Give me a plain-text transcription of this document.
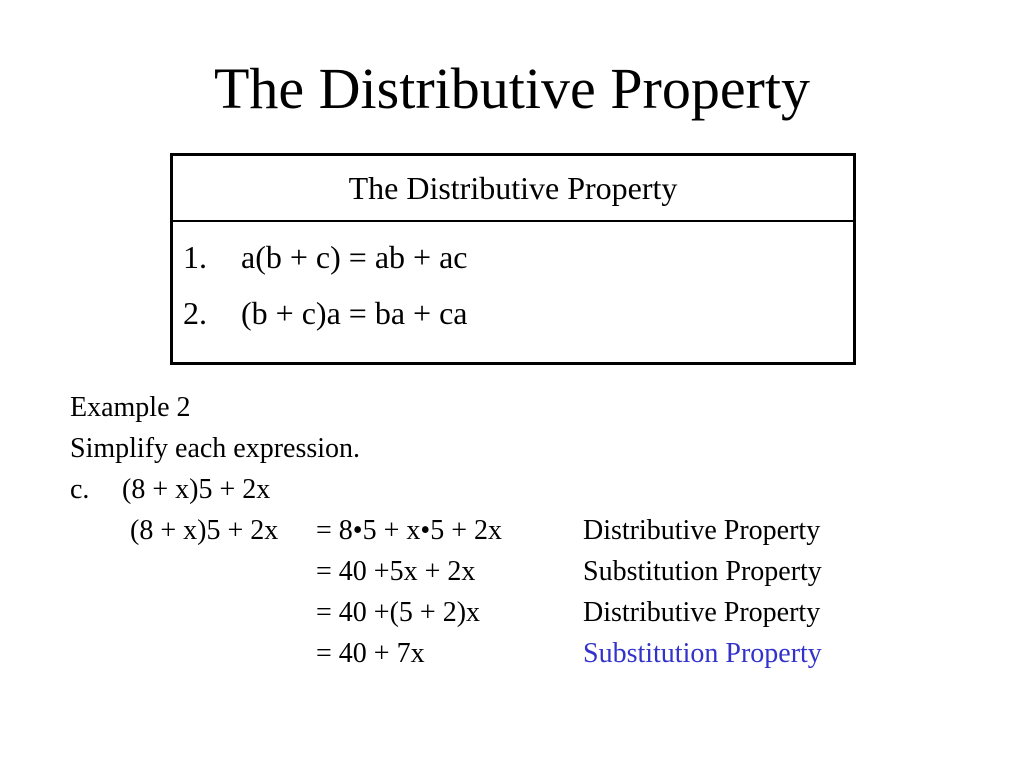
The Distributive Property
The Distributive Property
1. a(b + c) = ab + ac
2. (b + c)a = ba + ca
Example 2
Simplify each expression.
c. (8 + x)5 + 2x
(8 + x)5 + 2x = 8•5 + x•5 + 2x	Distributive Property
= 40 +5x + 2x	Substitution Property
= 40 +(5 + 2)x	Distributive Property
= 40 + 7x	Substitution Property
